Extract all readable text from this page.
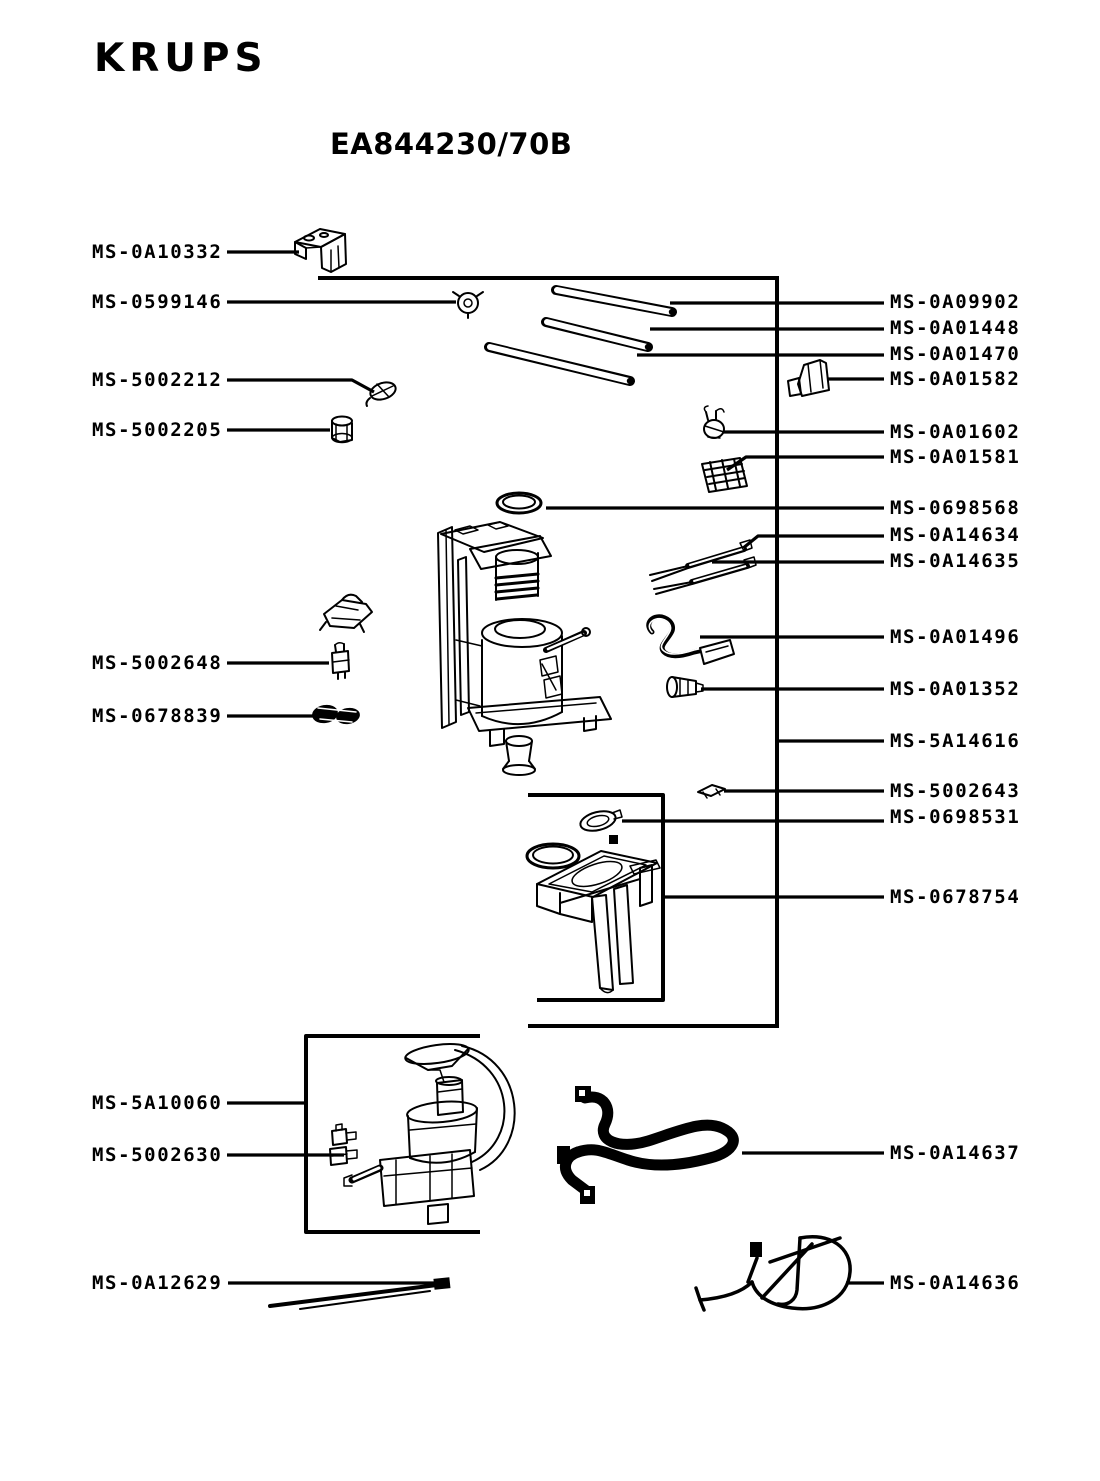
KRUPS
EA844230/70B
MS-0A10332
MS-0599146
MS-5002212
MS-5002205
MS-5002648
MS-0678839
MS-5A10060
MS-5002630
MS-0A12629
MS-0A09902
MS-0A01448
MS-0A01470
MS-0A01582
MS-0A01602
MS-0A01581
MS-0698568
MS-0A14634
MS-0A14635
MS-0A01496
MS-0A01352
MS-5A14616
MS-5002643
MS-0698531
MS-0678754
MS-0A14637
MS-0A14636
